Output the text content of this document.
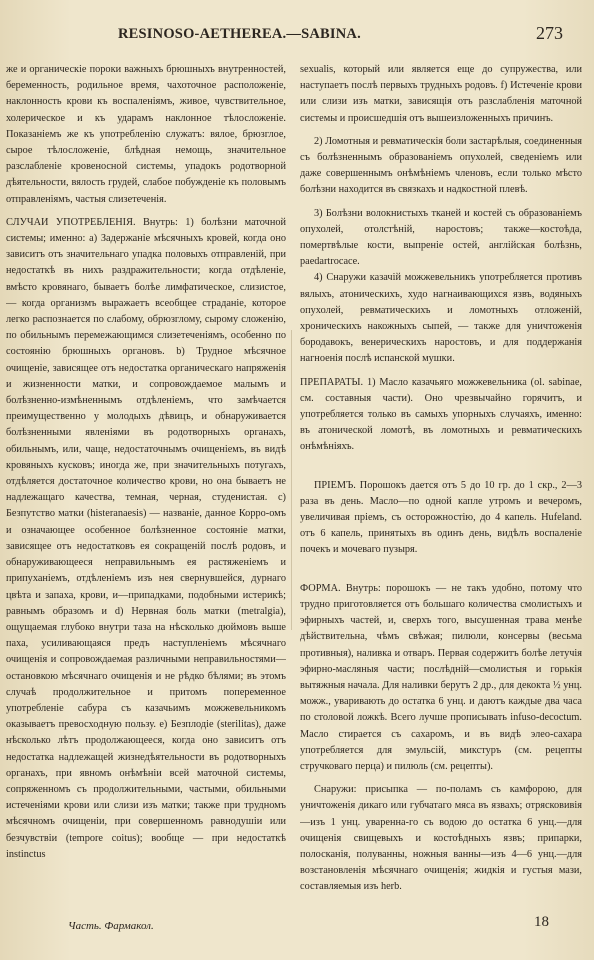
RESINOSO-AETHEREA.—SABINA.	273

же и органическіе пороки важныхъ брюшныхъ внутренностей, беременность, родильное время, чахоточное расположеніе, наклонность крови къ воспаленіямъ, живое, чувствительное, холерическое и къ ударамъ наклонное тѣлосложеніе. Показаніемъ же къ употребленію служатъ: вялое, брюзглое, сырое тѣлосложеніе, блѣдная немощь, значительное разслабленіе кровеносной системы, упадокъ родотворной дѣятельности, вялость грудей, слабое побужденіе къ половымъ отправленіямъ, частыя слизетеченія.

СЛУЧАИ УПОТРЕБЛЕНІЯ. Внутрь: 1) болѣзни маточной системы; именно: a) Задержаніе мѣсячныхъ кровей, когда оно зависитъ отъ значительнаго упадка половыхъ отправленій, при недостаткѣ въ нихъ раздражительности; когда отдѣленіе, вмѣсто кровянаго, бываетъ болѣе лимфатическое, слизистое, — когда организмъ выражаетъ всеобщее страданіе, которое легко распознается по слабому, обрюзглому, сырому сложенію, по обильнымъ перемежающимся слизетеченіямъ, особенно по состоянію брюшныхъ органовъ. b) Трудное мѣсячное очищеніе, зависящее отъ недостатка органическаго напряженія и жизненности матки, и сопровождаемое малымъ и болѣзненно-измѣненнымъ отдѣленіемъ, что замѣчается преимущественно у молодыхъ дѣвицъ, и обнаруживается болѣзненными явленіями въ родотворныхъ органахъ, обильнымъ, или, чаще, недостаточнымъ очищеніемъ, въ видѣ кровяныхъ кусковъ; иногда же, при значительныхъ потугахъ, отдѣляется достаточное количество крови, но она бываетъ не надлежащаго качества, темная, черная, студенистая. c) Безпутство матки (histeranaesis) — названіе, данное Корро-омъ и означающее особенное болѣзненное состояніе матки, зависящее отъ недостатковъ ея сокращеній послѣ родовъ, и обнаруживающееся неправильнымъ ея растяженіемъ и припуханіемъ, отдѣленіемъ изъ нея свернувшейся, дурнаго цвѣта и запаха, крови, и—припадками, подобными истерикѣ; равнымъ образомъ и d) Нервная боль матки (metralgia), ощущаемая глубоко внутри таза на нѣсколько дюймовъ выше паха, усиливающаяся предъ наступленіемъ мѣсячнаго очищенія и сопровождаемая различными неправильностями—остановкою мѣсячнаго очищенія и не рѣдко бѣлями; въ этомъ случаѣ продолжительное и притомъ попеременное употребленіе сабура съ казачьимъ можжевельникомъ оказываетъ превосходную пользу. e) Безплодіе (sterilitas), даже нѣсколько лѣтъ продолжающееся, когда оно зависитъ отъ недостатка надлежащей жизнедѣятельности въ родотворныхъ органахъ, при явномъ онѣмѣніи всей маточной системы, сопряженномъ съ продолжительными, частыми, обильными истеченіями крови или слизи изъ матки; также при трудномъ мѣсячномъ очищеніи, при совершенномъ равнодушіи или безчувствіи (tempore coitus); вообще — при недостаткѣ instinctus

sexualis, который или является еще до супружества, или наступаетъ послѣ первыхъ трудныхъ родовъ. f) Истеченіе крови или слизи изъ матки, зависящія отъ разслабленія маточной системы и происшедшія отъ вышеизложенныхъ причинъ.

2) Ломотныя и ревматическія боли застарѣлыя, соединенныя съ болѣзненнымъ образованіемъ опухолей, сведеніемъ или даже совершеннымъ онѣмѣніемъ членовъ, если только мѣсто болѣзни находится въ связкахъ и надкостной плевѣ.

3) Болѣзни волокнистыхъ тканей и костей съ образованіемъ опухолей, отолстѣній, наростовъ; также—костоѣда, помертвѣлые кости, выпреніе остей, англійская болѣзнь, paedartrocace.

4) Снаружи казачій можжевельникъ употребляется противъ вялыхъ, атоническихъ, худо нагнаивающихся язвъ, водяныхъ опухолей, ревматическихъ и ломотныхъ отложеній, хроническихъ накожныхъ сыпей, — также для уничтоженія бородавокъ, венерическихъ наростовъ, и для поддержанія нагноенія послѣ испанской мушки.

ПРЕПАРАТЫ. 1) Масло казачьяго можжевельника (ol. sabinae, см. составныя части). Оно чрезвычайно горячитъ, и употребляется только въ самыхъ упорныхъ случаяхъ, именно: въ атонической ломотѣ, въ ломотныхъ и ревматическихъ онѣмѣніяхъ.

ПРІЕМЪ. Порошокъ дается отъ 5 до 10 гр. до 1 скр., 2—3 раза въ день. Масло—по одной капле утромъ и вечеромъ, увеличивая пріемъ, съ осторожностію, до 4 капель. Hufeland. отъ 6 капель, принятыхъ въ одинъ день, видѣлъ воспаленіе почекъ и мочеваго пузыря.

ФОРМА. Внутрь: порошокъ — не такъ удобно, потому что трудно приготовляется отъ большаго количества смолистыхъ и эфирныхъ частей, и, сверхъ того, высушенная трава менѣе дѣйствительна, чѣмъ свѣжая; пилюли, консервы (весьма противныя), наливка и отваръ. Первая содержитъ болѣе летучія эфирно-масляныя части; послѣдній—смолистыя и горькія вытяжныя начала. Для наливки берутъ 2 др., для декокта ½ унц. можж., уваривають до остатка 6 унц. и даютъ каждые два часа по столовой ложкѣ. Всего лучше прописывать infuso-decoctum. Масло стирается съ сахаромъ, и въ видѣ элео-сахара употребляется для эмульсій, микстуръ (см. рецепты стручковаго перца) и пилюль (см. рецепты).

Снаружи: присыпка — по-поламъ съ камфорою, для уничтоженія дикаго или губчатаго мяса въ язвахъ; отрясковивія—изъ 1 унц. уваренна-го съ водою до остатка 6 унц.—для очищенія свищевыхъ и костоѣдныхъ язвъ; припарки, полосканія, полуванны, ножныя ванны—изъ 4—6 унц.—для возстановленія мѣсячнаго очищенія; жидкія и густыя мази, составляемыя изъ herb.

Часть. Фармакол.	18
